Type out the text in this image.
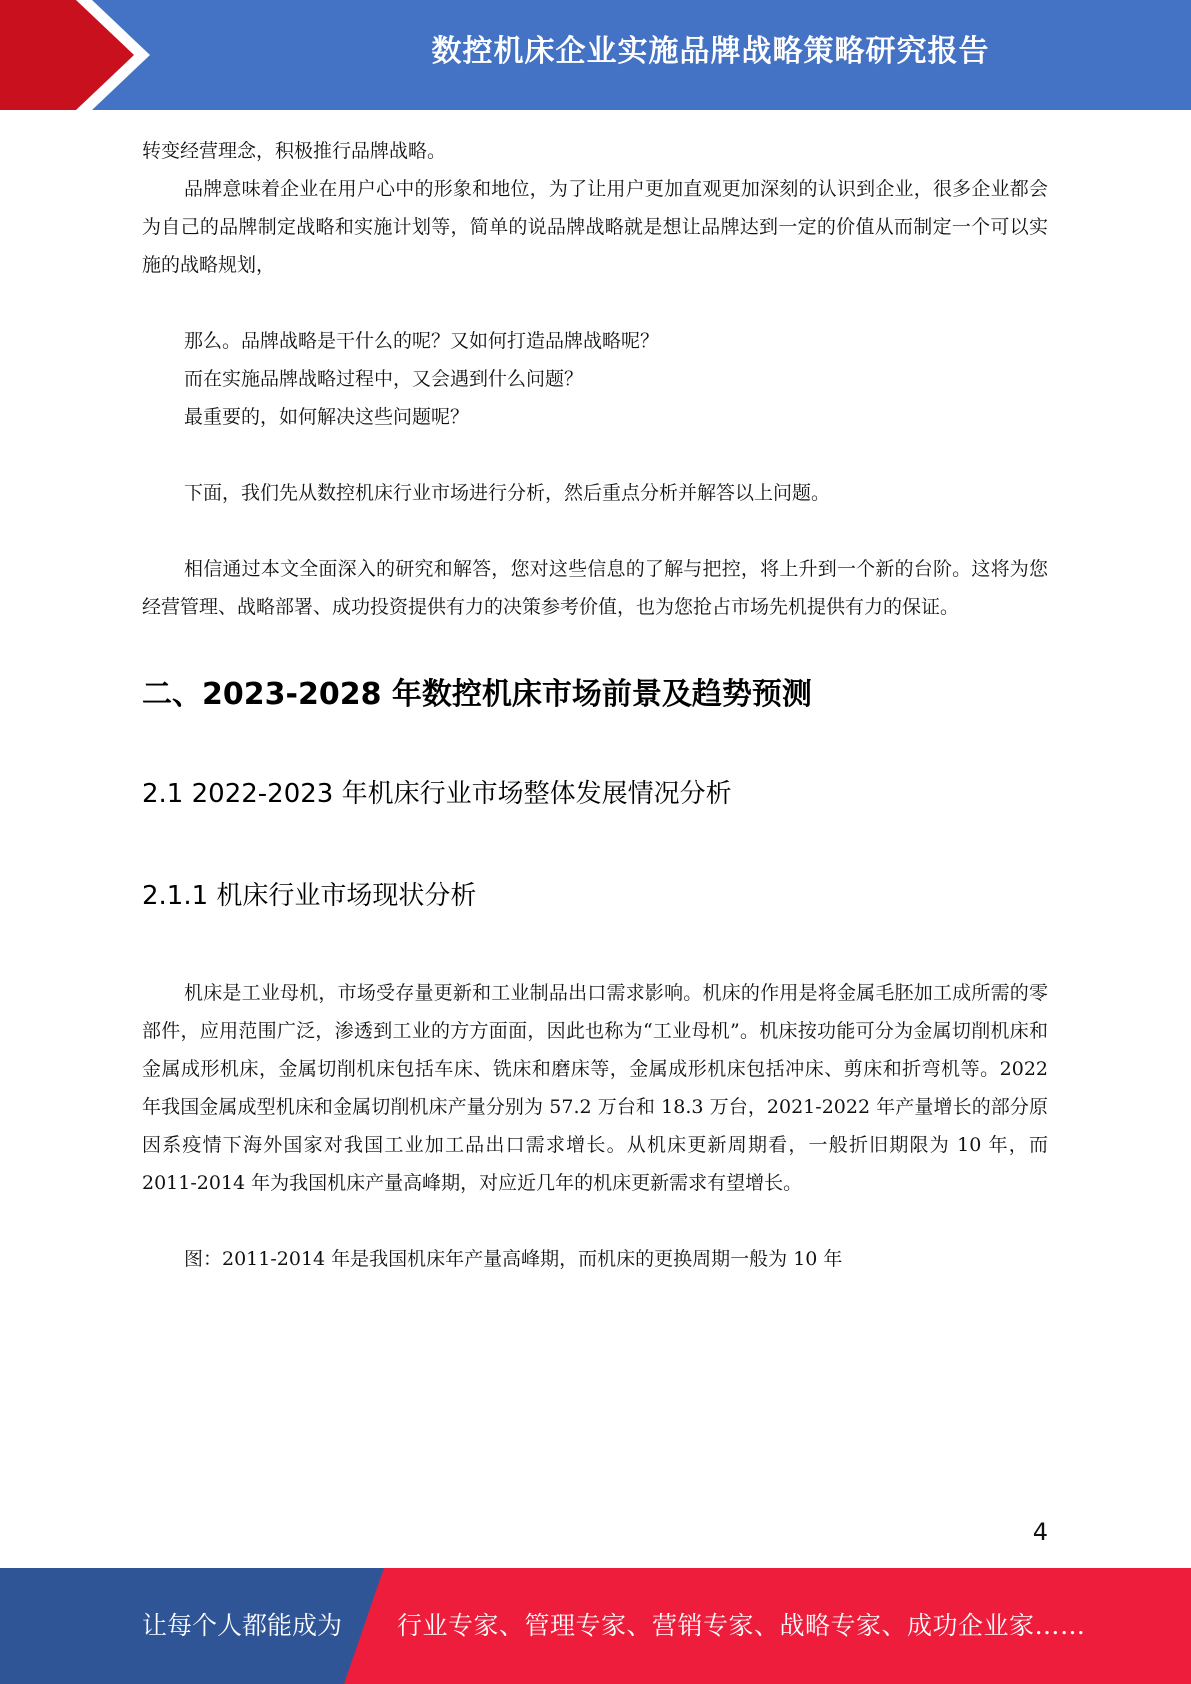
数控机床企业实施品牌战略策略研究报告

转变经营理念，积极推行品牌战略。

品牌意味着企业在用户心中的形象和地位，为了让用户更加直观更加深刻的认识到企业，很多企业都会为自己的品牌制定战略和实施计划等，简单的说品牌战略就是想让品牌达到一定的价值从而制定一个可以实施的战略规划，

那么。品牌战略是干什么的呢？又如何打造品牌战略呢？

而在实施品牌战略过程中，又会遇到什么问题？

最重要的，如何解决这些问题呢？

下面，我们先从数控机床行业市场进行分析，然后重点分析并解答以上问题。

相信通过本文全面深入的研究和解答，您对这些信息的了解与把控，将上升到一个新的台阶。这将为您经营管理、战略部署、成功投资提供有力的决策参考价值，也为您抢占市场先机提供有力的保证。

二、2023-2028 年数控机床市场前景及趋势预测
2.1 2022-2023 年机床行业市场整体发展情况分析
2.1.1 机床行业市场现状分析

机床是工业母机，市场受存量更新和工业制品出口需求影响。机床的作用是将金属毛胚加工成所需的零部件，应用范围广泛，渗透到工业的方方面面，因此也称为“工业母机”。机床按功能可分为金属切削机床和金属成形机床，金属切削机床包括车床、铣床和磨床等，金属成形机床包括冲床、剪床和折弯机等。2022 年我国金属成型机床和金属切削机床产量分别为 57.2 万台和 18.3 万台，2021-2022 年产量增长的部分原因系疫情下海外国家对我国工业加工品出口需求增长。从机床更新周期看，一般折旧期限为 10 年，而 2011-2014 年为我国机床产量高峰期，对应近几年的机床更新需求有望增长。

图：2011-2014 年是我国机床年产量高峰期，而机床的更换周期一般为 10 年

4
让每个人都能成为 行业专家、管理专家、营销专家、战略专家、成功企业家……
